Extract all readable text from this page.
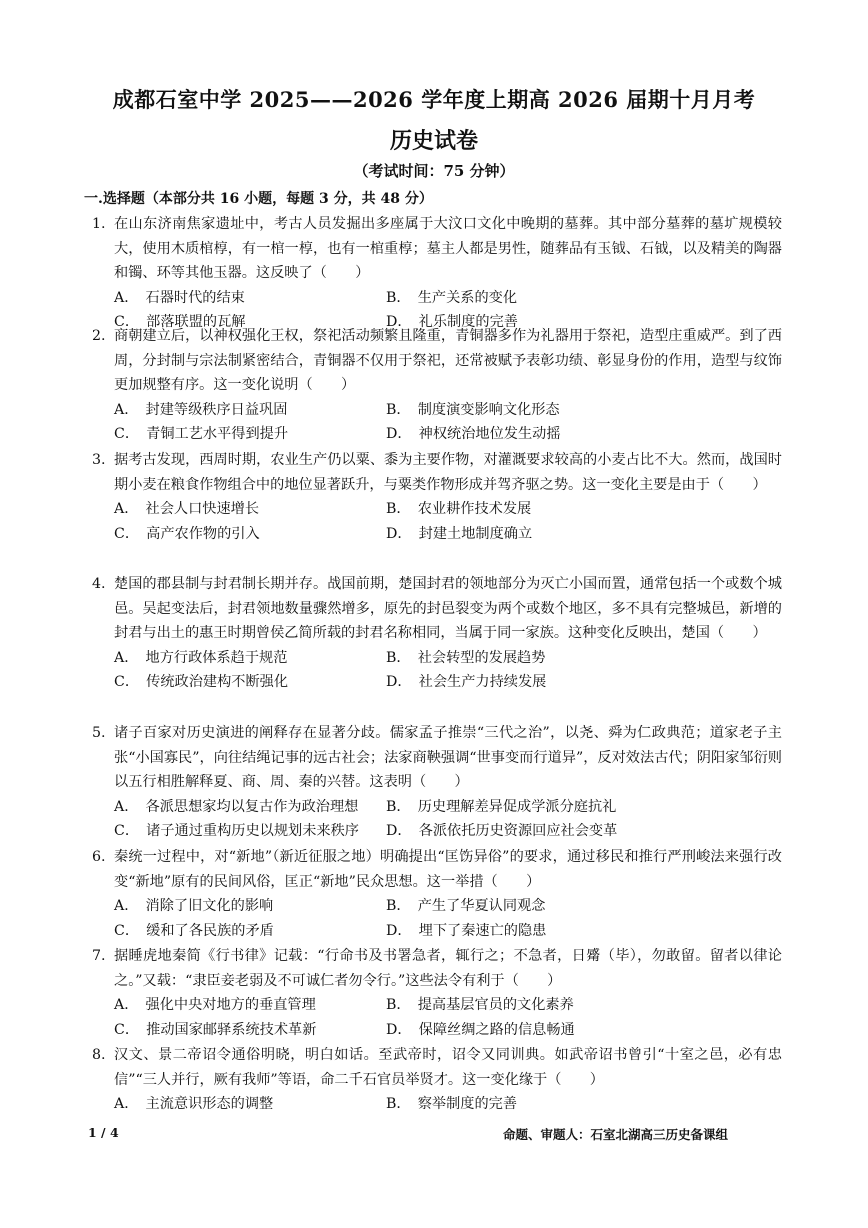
成都石室中学 2025——2026 学年度上期高 2026 届期十月月考
历史试卷
（考试时间：75 分钟）
一.选择题（本部分共 16 小题，每题 3 分，共 48 分）
1. 在山东济南焦家遗址中，考古人员发掘出多座属于大汶口文化中晚期的墓葬。其中部分墓葬的墓圹规模较大，使用木质棺椁，有一棺一椁，也有一棺重椁；墓主人都是男性，随葬品有玉钺、石钺，以及精美的陶器和镯、环等其他玉器。这反映了（　　）
A．　石器时代的结束	B．　生产关系的变化
C．　部落联盟的瓦解	D．　礼乐制度的完善
2. 商朝建立后，以神权强化王权，祭祀活动频繁且隆重，青铜器多作为礼器用于祭祀，造型庄重威严。到了西周，分封制与宗法制紧密结合，青铜器不仅用于祭祀，还常被赋予表彰功绩、彰显身份的作用，造型与纹饰更加规整有序。这一变化说明（　　）
A．　封建等级秩序日益巩固	B．　制度演变影响文化形态
C．　青铜工艺水平得到提升	D．　神权统治地位发生动摇
3. 据考古发现，西周时期，农业生产仍以粟、黍为主要作物，对灌溉要求较高的小麦占比不大。然而，战国时期小麦在粮食作物组合中的地位显著跃升，与粟类作物形成并驾齐驱之势。这一变化主要是由于（　　）
A．　社会人口快速增长	B．　农业耕作技术发展
C．　高产农作物的引入	D．　封建土地制度确立
4. 楚国的郡县制与封君制长期并存。战国前期，楚国封君的领地部分为灭亡小国而置，通常包括一个或数个城邑。吴起变法后，封君领地数量骤然增多，原先的封邑裂变为两个或数个地区，多不具有完整城邑，新增的封君与出土的惠王时期曾侯乙简所载的封君名称相同，当属于同一家族。这种变化反映出，楚国（　　）
A．　地方行政体系趋于规范	B．　社会转型的发展趋势
C．　传统政治建构不断强化	D．　社会生产力持续发展
5. 诸子百家对历史演进的阐释存在显著分歧。儒家孟子推崇“三代之治”，以尧、舜为仁政典范；道家老子主张“小国寡民”，向往结绳记事的远古社会；法家商鞅强调“世事变而行道异”，反对效法古代；阴阳家邹衍则以五行相胜解释夏、商、周、秦的兴替。这表明（　　）
A．　各派思想家均以复古作为政治理想	B．　历史理解差异促成学派分庭抗礼
C．　诸子通过重构历史以规划未来秩序	D．　各派依托历史资源回应社会变革
6. 秦统一过程中，对“新地”（新近征服之地）明确提出“匡饬异俗”的要求，通过移民和推行严刑峻法来强行改变“新地”原有的民间风俗，匡正“新地”民众思想。这一举措（　　）
A．　消除了旧文化的影响	B．　产生了华夏认同观念
C．　缓和了各民族的矛盾	D．　埋下了秦速亡的隐患
7. 据睡虎地秦简《行书律》记载：“行命书及书署急者，辄行之；不急者，日觱（毕），勿敢留。留者以律论之。”又载：“隶臣妾老弱及不可诚仁者勿令行。”这些法令有利于（　　）
A．　强化中央对地方的垂直管理	B．　提高基层官员的文化素养
C．　推动国家邮驿系统技术革新	D．　保障丝绸之路的信息畅通
8. 汉文、景二帝诏令通俗明晓，明白如话。至武帝时，诏令又同训典。如武帝诏书曾引“十室之邑，必有忠信”“三人并行，厥有我师”等语，命二千石官员举贤才。这一变化缘于（　　）
A．　主流意识形态的调整	B．　察举制度的完善
1 / 4	命题、审题人：石室北湖高三历史备课组
